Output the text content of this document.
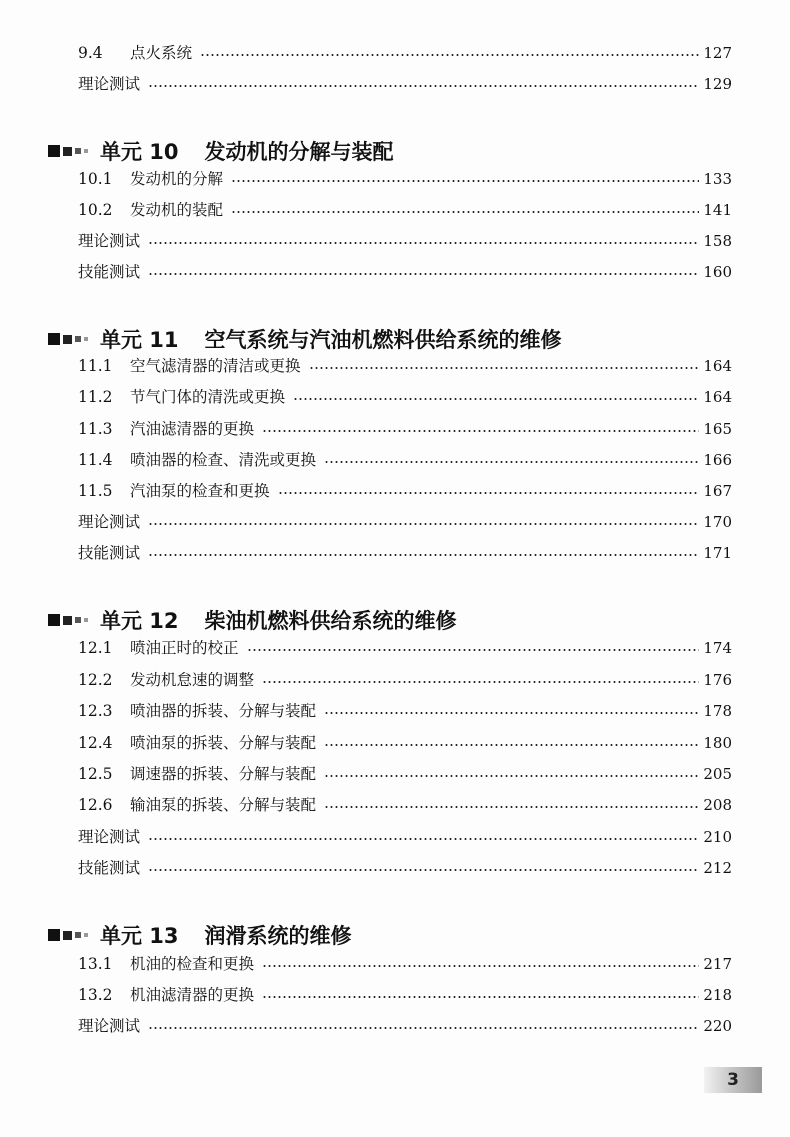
9.4	点火系统	127
理论测试	129
单元 10 发动机的分解与装配
10.1	发动机的分解	133
10.2	发动机的装配	141
理论测试	158
技能测试	160
单元 11 空气系统与汽油机燃料供给系统的维修
11.1	空气滤清器的清洁或更换	164
11.2	节气门体的清洗或更换	164
11.3	汽油滤清器的更换	165
11.4	喷油器的检查、清洗或更换	166
11.5	汽油泵的检查和更换	167
理论测试	170
技能测试	171
单元 12 柴油机燃料供给系统的维修
12.1	喷油正时的校正	174
12.2	发动机怠速的调整	176
12.3	喷油器的拆装、分解与装配	178
12.4	喷油泵的拆装、分解与装配	180
12.5	调速器的拆装、分解与装配	205
12.6	输油泵的拆装、分解与装配	208
理论测试	210
技能测试	212
单元 13 润滑系统的维修
13.1	机油的检查和更换	217
13.2	机油滤清器的更换	218
理论测试	220
3
